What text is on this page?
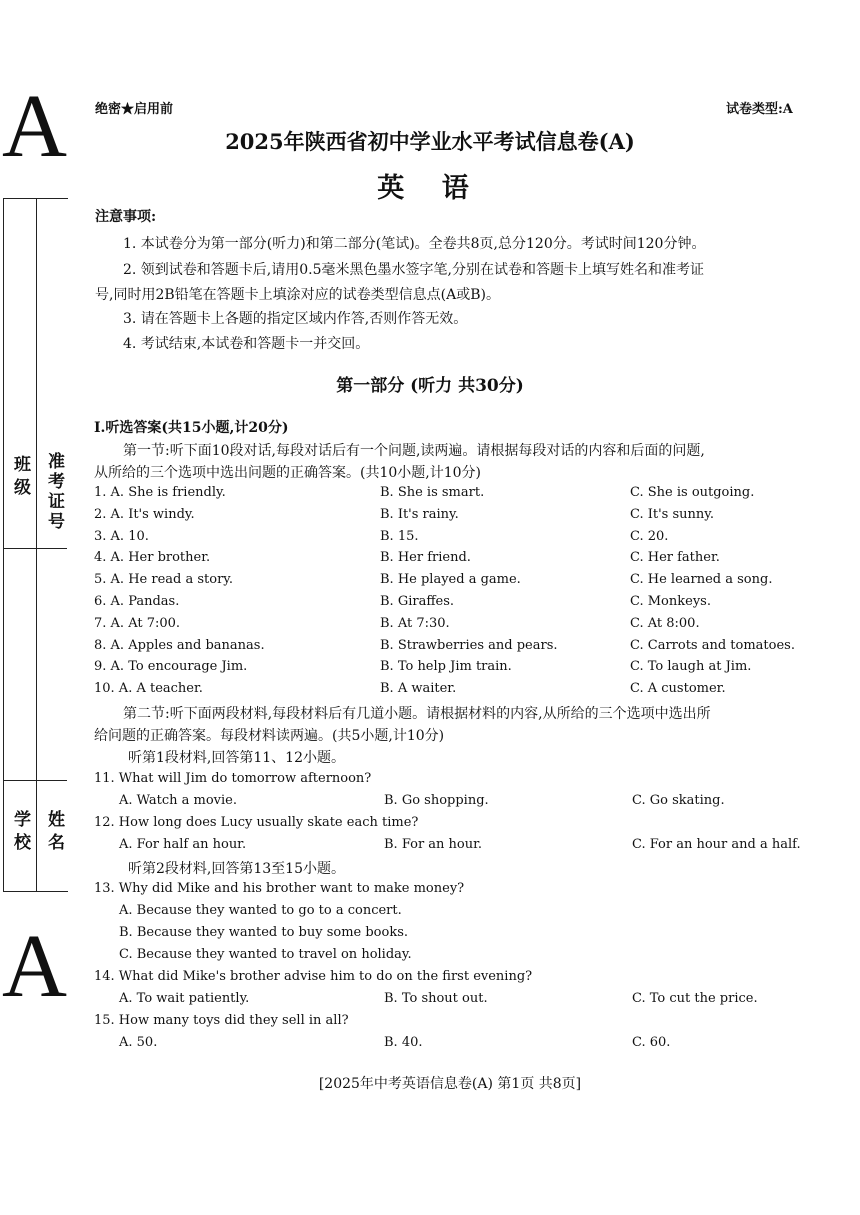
A
A
班级 准考证号
学校 姓名
绝密★启用前	试卷类型:A
2025年陕西省初中学业水平考试信息卷(A)
英 语
注意事项:
1. 本试卷分为第一部分(听力)和第二部分(笔试)。全卷共8页,总分120分。考试时间120分钟。
2. 领到试卷和答题卡后,请用0.5毫米黑色墨水签字笔,分别在试卷和答题卡上填写姓名和准考证
号,同时用2B铅笔在答题卡上填涂对应的试卷类型信息点(A或B)。
3. 请在答题卡上各题的指定区域内作答,否则作答无效。
4. 考试结束,本试卷和答题卡一并交回。
第一部分 (听力 共30分)
Ⅰ.听选答案(共15小题,计20分)
第一节:听下面10段对话,每段对话后有一个问题,读两遍。请根据每段对话的内容和后面的问题,
从所给的三个选项中选出问题的正确答案。(共10小题,计10分)
1. A. She is friendly.	B. She is smart.	C. She is outgoing.
2. A. It's windy.	B. It's rainy.	C. It's sunny.
3. A. 10.	B. 15.	C. 20.
4. A. Her brother.	B. Her friend.	C. Her father.
5. A. He read a story.	B. He played a game.	C. He learned a song.
6. A. Pandas.	B. Giraffes.	C. Monkeys.
7. A. At 7:00.	B. At 7:30.	C. At 8:00.
8. A. Apples and bananas.	B. Strawberries and pears.	C. Carrots and tomatoes.
9. A. To encourage Jim.	B. To help Jim train.	C. To laugh at Jim.
10. A. A teacher.	B. A waiter.	C. A customer.
第二节:听下面两段材料,每段材料后有几道小题。请根据材料的内容,从所给的三个选项中选出所
给问题的正确答案。每段材料读两遍。(共5小题,计10分)
听第1段材料,回答第11、12小题。
11. What will Jim do tomorrow afternoon?
A. Watch a movie.	B. Go shopping.	C. Go skating.
12. How long does Lucy usually skate each time?
A. For half an hour.	B. For an hour.	C. For an hour and a half.
听第2段材料,回答第13至15小题。
13. Why did Mike and his brother want to make money?
A. Because they wanted to go to a concert.
B. Because they wanted to buy some books.
C. Because they wanted to travel on holiday.
14. What did Mike's brother advise him to do on the first evening?
A. To wait patiently.	B. To shout out.	C. To cut the price.
15. How many toys did they sell in all?
A. 50.	B. 40.	C. 60.
[2025年中考英语信息卷(A) 第1页 共8页]
